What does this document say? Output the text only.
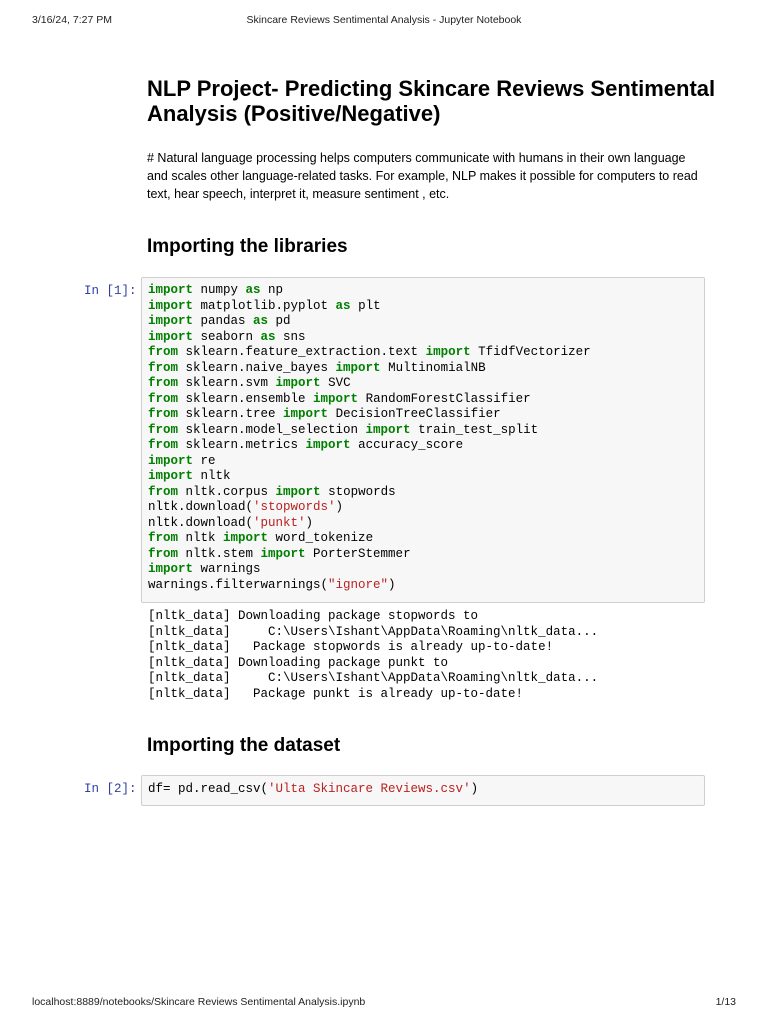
3/16/24, 7:27 PM	Skincare Reviews Sentimental Analysis - Jupyter Notebook
NLP Project- Predicting Skincare Reviews Sentimental Analysis (Positive/Negative)
# Natural language processing helps computers communicate with humans in their own language and scales other language-related tasks. For example, NLP makes it possible for computers to read text, hear speech, interpret it, measure sentiment , etc.
Importing the libraries
In [1]: import numpy as np
import matplotlib.pyplot as plt
import pandas as pd
import seaborn as sns
from sklearn.feature_extraction.text import TfidfVectorizer
from sklearn.naive_bayes import MultinomialNB
from sklearn.svm import SVC
from sklearn.ensemble import RandomForestClassifier
from sklearn.tree import DecisionTreeClassifier
from sklearn.model_selection import train_test_split
from sklearn.metrics import accuracy_score
import re
import nltk
from nltk.corpus import stopwords
nltk.download('stopwords')
nltk.download('punkt')
from nltk import word_tokenize
from nltk.stem import PorterStemmer
import warnings
warnings.filterwarnings("ignore")
[nltk_data] Downloading package stopwords to
[nltk_data]     C:\Users\Ishant\AppData\Roaming\nltk_data...
[nltk_data]   Package stopwords is already up-to-date!
[nltk_data] Downloading package punkt to
[nltk_data]     C:\Users\Ishant\AppData\Roaming\nltk_data...
[nltk_data]   Package punkt is already up-to-date!
Importing the dataset
In [2]: df= pd.read_csv('Ulta Skincare Reviews.csv')
localhost:8889/notebooks/Skincare Reviews Sentimental Analysis.ipynb	1/13
